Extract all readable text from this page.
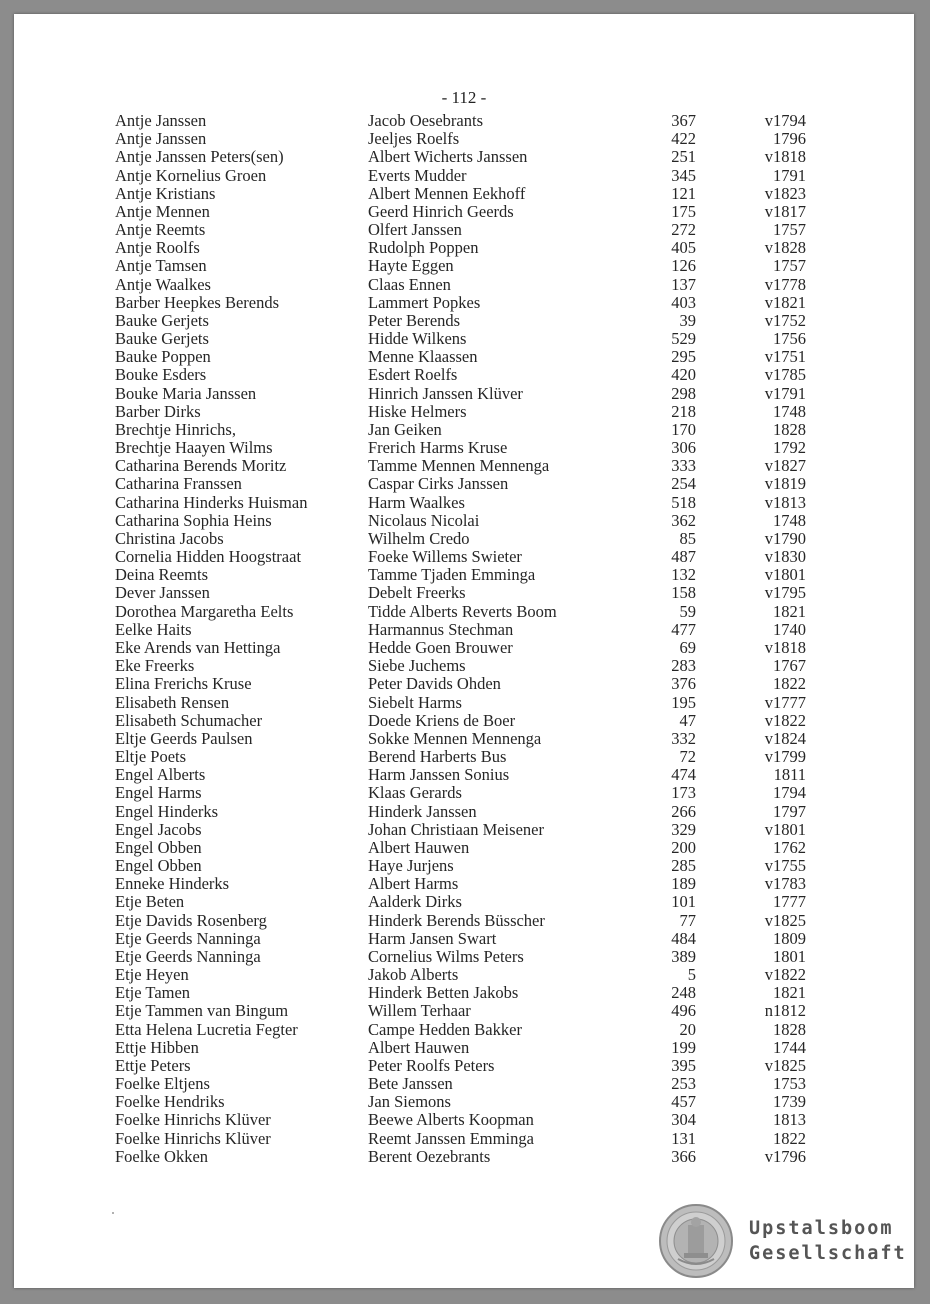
- 112 -
Antje Janssen	Jacob Oesebrants	367	v1794
Antje Janssen	Jeeljes Roelfs	422	1796
Antje Janssen Peters(sen)	Albert Wicherts Janssen	251	v1818
Antje Kornelius Groen	Everts Mudder	345	1791
Antje Kristians	Albert Mennen Eekhoff	121	v1823
Antje Mennen	Geerd Hinrich Geerds	175	v1817
Antje Reemts	Olfert Janssen	272	1757
Antje Roolfs	Rudolph Poppen	405	v1828
Antje Tamsen	Hayte Eggen	126	1757
Antje Waalkes	Claas Ennen	137	v1778
Barber Heepkes Berends	Lammert Popkes	403	v1821
Bauke Gerjets	Peter Berends	39	v1752
Bauke Gerjets	Hidde Wilkens	529	1756
Bauke Poppen	Menne Klaassen	295	v1751
Bouke Esders	Esdert Roelfs	420	v1785
Bouke Maria Janssen	Hinrich Janssen Klüver	298	v1791
Barber Dirks	Hiske Helmers	218	1748
Brechtje Hinrichs,	Jan Geiken	170	1828
Brechtje Haayen Wilms	Frerich Harms Kruse	306	1792
Catharina Berends Moritz	Tamme Mennen Mennenga	333	v1827
Catharina Franssen	Caspar Cirks Janssen	254	v1819
Catharina Hinderks Huisman	Harm Waalkes	518	v1813
Catharina Sophia Heins	Nicolaus Nicolai	362	1748
Christina Jacobs	Wilhelm Credo	85	v1790
Cornelia Hidden Hoogstraat	Foeke Willems Swieter	487	v1830
Deina Reemts	Tamme Tjaden Emminga	132	v1801
Dever Janssen	Debelt Freerks	158	v1795
Dorothea Margaretha Eelts	Tidde Alberts Reverts Boom	59	1821
Eelke Haits	Harmannus Stechman	477	1740
Eke Arends van Hettinga	Hedde Goen Brouwer	69	v1818
Eke Freerks	Siebe Juchems	283	1767
Elina Frerichs Kruse	Peter Davids Ohden	376	1822
Elisabeth Rensen	Siebelt Harms	195	v1777
Elisabeth Schumacher	Doede Kriens de Boer	47	v1822
Eltje Geerds Paulsen	Sokke Mennen Mennenga	332	v1824
Eltje Poets	Berend Harberts Bus	72	v1799
Engel Alberts	Harm Janssen Sonius	474	1811
Engel Harms	Klaas Gerards	173	1794
Engel Hinderks	Hinderk Janssen	266	1797
Engel Jacobs	Johan Christiaan Meisener	329	v1801
Engel Obben	Albert Hauwen	200	1762
Engel Obben	Haye Jurjens	285	v1755
Enneke Hinderks	Albert Harms	189	v1783
Etje Beten	Aalderk Dirks	101	1777
Etje Davids Rosenberg	Hinderk Berends Büsscher	77	v1825
Etje Geerds Nanninga	Harm Jansen Swart	484	1809
Etje Geerds Nanninga	Cornelius Wilms Peters	389	1801
Etje Heyen	Jakob Alberts	5	v1822
Etje Tamen	Hinderk Betten Jakobs	248	1821
Etje Tammen van Bingum	Willem Terhaar	496	n1812
Etta Helena Lucretia Fegter	Campe Hedden Bakker	20	1828
Ettje Hibben	Albert Hauwen	199	1744
Ettje Peters	Peter Roolfs Peters	395	v1825
Foelke Eltjens	Bete Janssen	253	1753
Foelke Hendriks	Jan Siemons	457	1739
Foelke Hinrichs Klüver	Beewe Alberts Koopman	304	1813
Foelke Hinrichs Klüver	Reemt Janssen Emminga	131	1822
Foelke Okken	Berent Oezebrants	366	v1796
Upstalsboom
Gesellschaft
